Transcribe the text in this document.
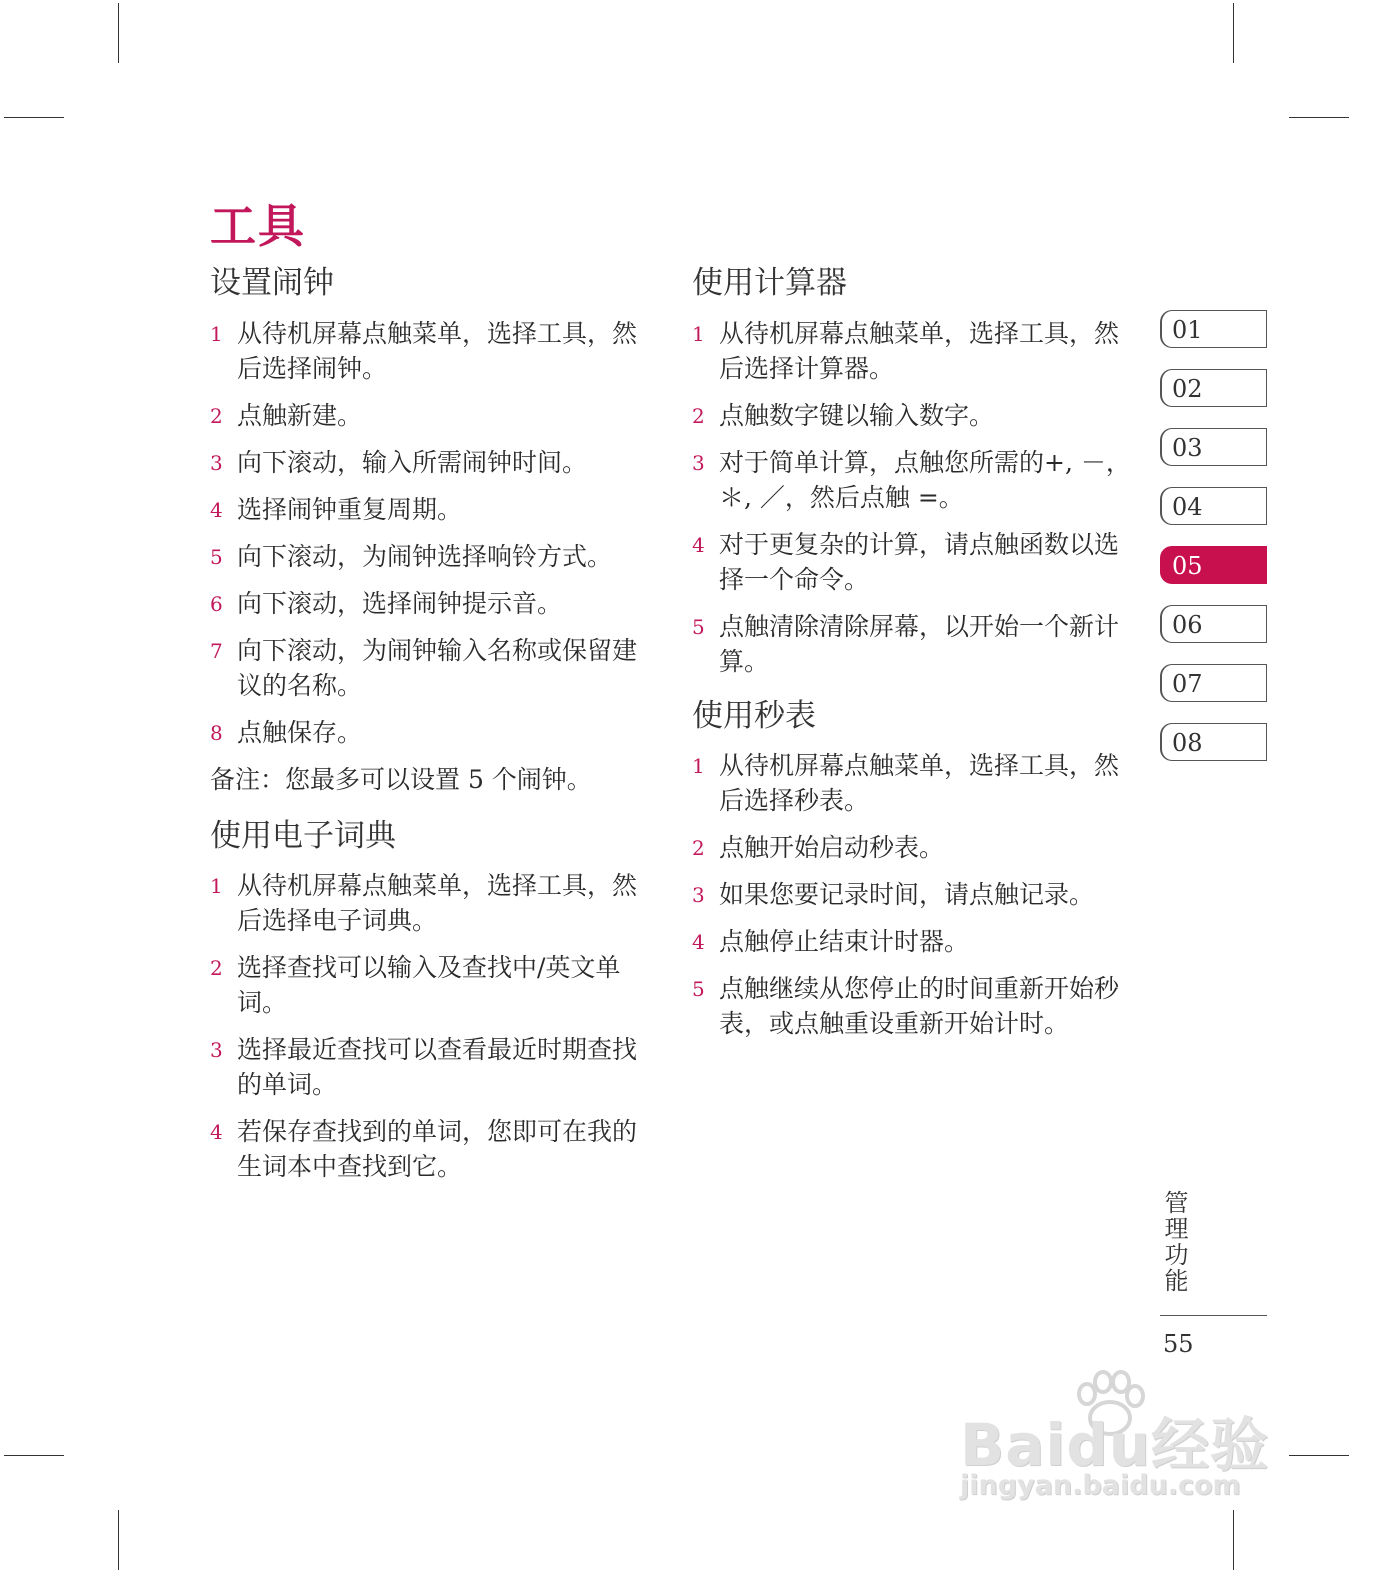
工具
设置闹钟
1 从待机屏幕点触菜单，选择工具，然后选择闹钟。
2 点触新建。
3 向下滚动，输入所需闹钟时间。
4 选择闹钟重复周期。
5 向下滚动，为闹钟选择响铃方式。
6 向下滚动，选择闹钟提示音。
7 向下滚动，为闹钟输入名称或保留建议的名称。
8 点触保存。

备注：您最多可以设置 5 个闹钟。

使用电子词典
1 从待机屏幕点触菜单，选择工具，然后选择电子词典。
2 选择查找可以输入及查找中/英文单词。
3 选择最近查找可以查看最近时期查找的单词。
4 若保存查找到的单词，您即可在我的生词本中查找到它。
使用计算器
1 从待机屏幕点触菜单，选择工具，然后选择计算器。
2 点触数字键以输入数字。
3 对于简单计算，点触您所需的+, －，＊, ／，然后点触 =。
4 对于更复杂的计算，请点触函数以选择一个命令。
5 点触清除清除屏幕，以开始一个新计算。
使用秒表
1 从待机屏幕点触菜单，选择工具，然后选择秒表。
2 点触开始启动秒表。
3 如果您要记录时间，请点触记录。
4 点触停止结束计时器。
5 点触继续从您停止的时间重新开始秒表，或点触重设重新开始计时。
01
02
03
04
05
06
07
08
管理功能
55
Baidu经验
jingyan.baidu.com
